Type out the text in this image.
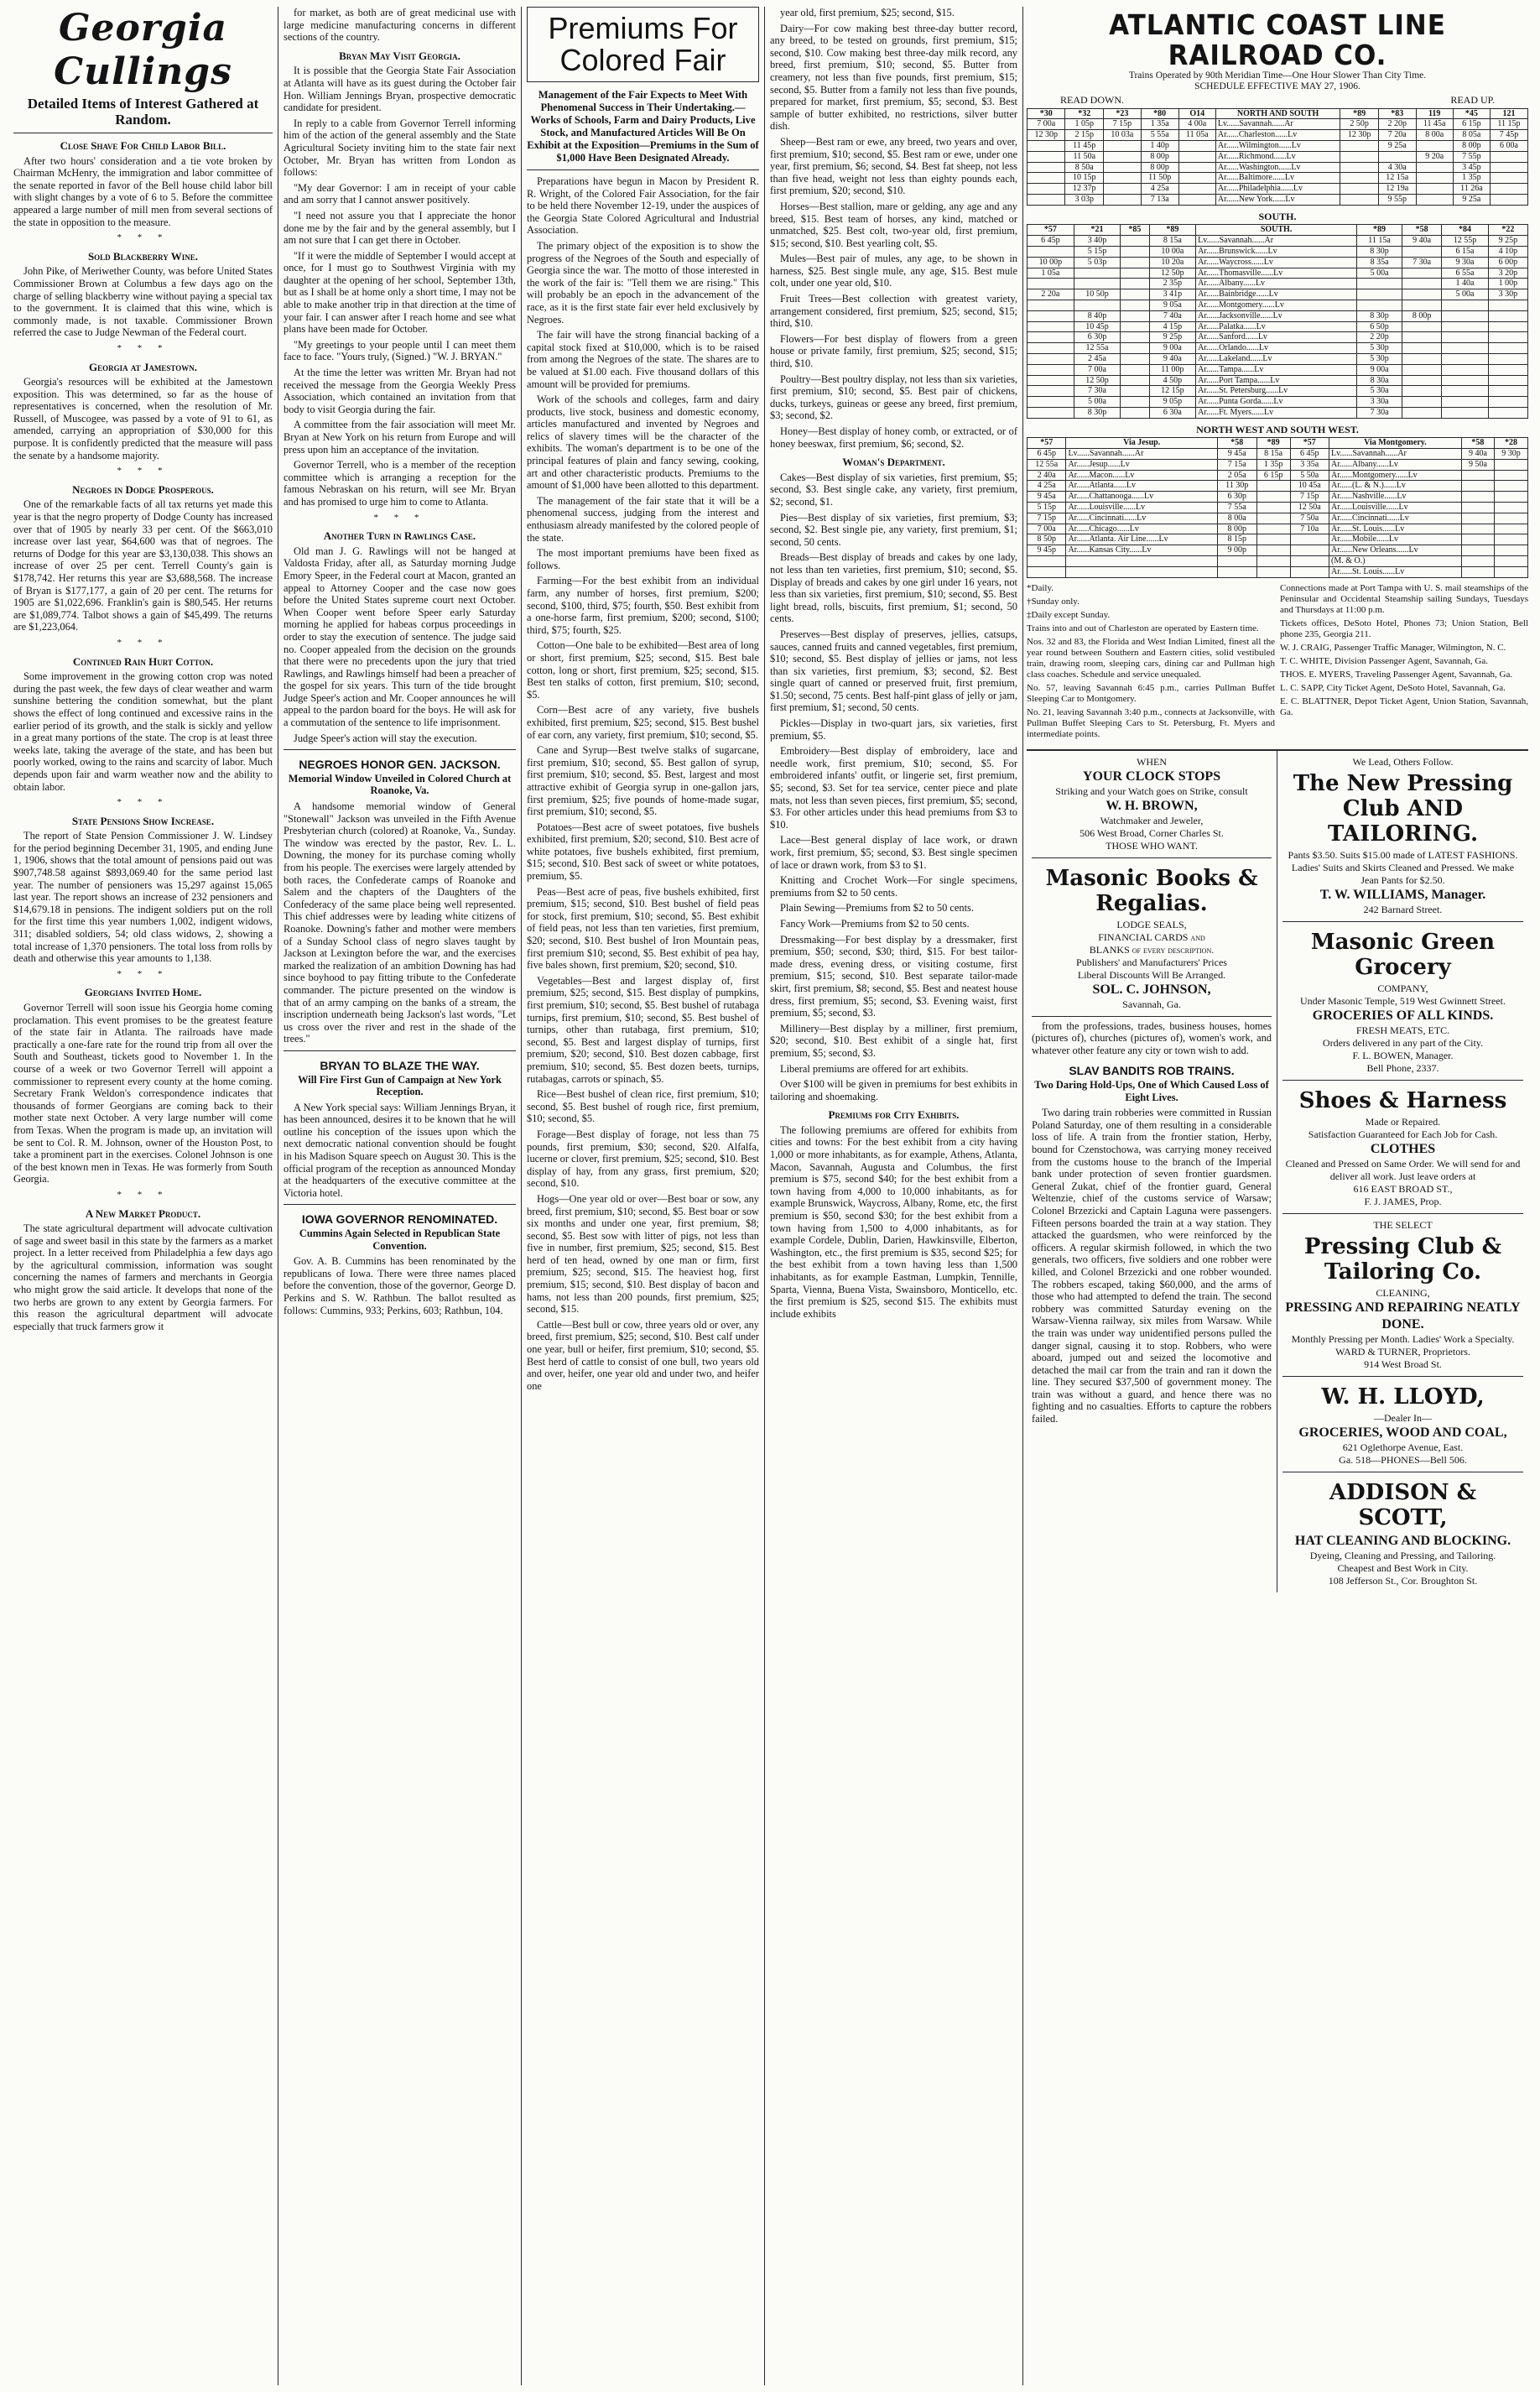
Georgia Cullings
Detailed Items of Interest Gathered at Random.
Close Shave For Child Labor Bill.

After two hours' consideration and a tie vote broken by Chairman McHenry, the immigration and labor committee of the senate reported in favor of the Bell house child labor bill with slight changes by a vote of 6 to 5. Before the committee appeared a large number of mill men from several sections of the state in opposition to the measure.

* * *
Sold Blackberry Wine.

John Pike, of Meriwether County, was before United States Commissioner Brown at Columbus a few days ago on the charge of selling blackberry wine without paying a special tax to the government. It is claimed that this wine, which is commonly made, is not taxable. Commissioner Brown referred the case to Judge Newman of the Federal court.

* * *
Georgia at Jamestown.

Georgia's resources will be exhibited at the Jamestown exposition. This was determined, so far as the house of representatives is concerned, when the resolution of Mr. Russell, of Muscogee, was passed by a vote of 91 to 61, as amended, carrying an appropriation of $30,000 for this purpose. It is confidently predicted that the measure will pass the senate by a handsome majority.

* * *
Negroes in Dodge Prosperous.

One of the remarkable facts of all tax returns yet made this year is that the negro property of Dodge County has increased over that of 1905 by nearly 33 per cent. Of the $663,010 increase over last year, $64,600 was that of negroes. The returns of Dodge for this year are $3,130,038. This shows an increase of over 25 per cent. Terrell County's gain is $178,742. Her returns this year are $3,688,568. The increase of Bryan is $177,177, a gain of 20 per cent. The returns for 1905 are $1,022,696. Franklin's gain is $80,545. Her returns are $1,089,774. Talbot shows a gain of $45,499. The returns are $1,223,064.

* * *
Continued Rain Hurt Cotton.

Some improvement in the growing cotton crop was noted during the past week, the few days of clear weather and warm sunshine bettering the condition somewhat, but the plant shows the effect of long continued and excessive rains in the earlier period of its growth, and the stalk is sickly and yellow in a great many portions of the state. The crop is at least three weeks late, taking the average of the state, and has been but poorly worked, owing to the rains and scarcity of labor. Much depends upon fair and warm weather now and the ability to obtain labor.

* * *
State Pensions Show Increase.

The report of State Pension Commissioner J. W. Lindsey for the period beginning December 31, 1905, and ending June 1, 1906, shows that the total amount of pensions paid out was $907,748.58 against $893,069.40 for the same period last year. The number of pensioners was 15,297 against 15,065 last year. The report shows an increase of 232 pensioners and $14,679.18 in pensions. The indigent soldiers put on the roll for the first time this year numbers 1,002, indigent widows, 311; disabled soldiers, 54; old class widows, 2, showing a total increase of 1,370 pensioners. The total loss from rolls by death and otherwise this year amounts to 1,138.

* * *
Georgians Invited Home.

Governor Terrell will soon issue his Georgia home coming proclamation. This event promises to be the greatest feature of the state fair in Atlanta. The railroads have made practically a one-fare rate for the round trip from all over the South and Southeast, tickets good to November 1. In the course of a week or two Governor Terrell will appoint a commissioner to represent every county at the home coming. Secretary Frank Weldon's correspondence indicates that thousands of former Georgians are coming back to their mother state next October. A very large number will come from Texas. When the program is made up, an invitation will be sent to Col. R. M. Johnson, owner of the Houston Post, to take a prominent part in the exercises. Colonel Johnson is one of the best known men in Texas. He was formerly from South Georgia.

* * *
A New Market Product.

The state agricultural department will advocate cultivation of sage and sweet basil in this state by the farmers as a market project. In a letter received from Philadelphia a few days ago by the agricultural commission, information was sought concerning the names of farmers and merchants in Georgia who might grow the said article. It develops that none of the two herbs are grown to any extent by Georgia farmers. For this reason the agricultural department will advocate especially that truck farmers grow it

for market, as both are of great medicinal use with large medicine manufacturing concerns in different sections of the country.

Bryan May Visit Georgia.

It is possible that the Georgia State Fair Association at Atlanta will have as its guest during the October fair Hon. William Jennings Bryan, prospective democratic candidate for president.

In reply to a cable from Governor Terrell informing him of the action of the general assembly and the State Agricultural Society inviting him to the state fair next October, Mr. Bryan has written from London as follows:

"My dear Governor: I am in receipt of your cable and am sorry that I cannot answer positively.

"I need not assure you that I appreciate the honor done me by the fair and by the general assembly, but I am not sure that I can get there in October.

"If it were the middle of September I would accept at once, for I must go to Southwest Virginia with my daughter at the opening of her school, September 13th, but as I shall be at home only a short time, I may not be able to make another trip in that direction at the time of your fair. I can answer after I reach home and see what plans have been made for October.

"My greetings to your people until I can meet them face to face. "Yours truly, (Signed.) "W. J. BRYAN."

At the time the letter was written Mr. Bryan had not received the message from the Georgia Weekly Press Association, which contained an invitation from that body to visit Georgia during the fair.

A committee from the fair association will meet Mr. Bryan at New York on his return from Europe and will press upon him an acceptance of the invitation.

Governor Terrell, who is a member of the reception committee which is arranging a reception for the famous Nebraskan on his return, will see Mr. Bryan and has promised to urge him to come to Atlanta.

* * *
Another Turn in Rawlings Case.

Old man J. G. Rawlings will not be hanged at Valdosta Friday, after all, as Saturday morning Judge Emory Speer, in the Federal court at Macon, granted an appeal to Attorney Cooper and the case now goes before the United States supreme court next October. When Cooper went before Speer early Saturday morning he applied for habeas corpus proceedings in order to stay the execution of sentence. The judge said no. Cooper appealed from the decision on the grounds that there were no precedents upon the jury that tried Rawlings, and Rawlings himself had been a preacher of the gospel for six years. This turn of the tide brought Judge Speer's action and Mr. Cooper announces he will appeal to the pardon board for the boys. He will ask for a commutation of the sentence to life imprisonment.

Judge Speer's action will stay the execution.

NEGROES HONOR GEN. JACKSON.
Memorial Window Unveiled in Colored Church at Roanoke, Va.

A handsome memorial window of General "Stonewall" Jackson was unveiled in the Fifth Avenue Presbyterian church (colored) at Roanoke, Va., Sunday. The window was erected by the pastor, Rev. L. L. Downing, the money for its purchase coming wholly from his people. The exercises were largely attended by both races, the Confederate camps of Roanoke and Salem and the chapters of the Daughters of the Confederacy of the same place being well represented. This chief addresses were by leading white citizens of Roanoke. Downing's father and mother were members of a Sunday School class of negro slaves taught by Jackson at Lexington before the war, and the exercises marked the realization of an ambition Downing has had since boyhood to pay fitting tribute to the Confederate commander. The picture presented on the window is that of an army camping on the banks of a stream, the inscription underneath being Jackson's last words, "Let us cross over the river and rest in the shade of the trees."

BRYAN TO BLAZE THE WAY.
Will Fire First Gun of Campaign at New York Reception.

A New York special says: William Jennings Bryan, it has been announced, desires it to be known that he will outline his conception of the issues upon which the next democratic national convention should be fought in his Madison Square speech on August 30. This is the official program of the reception as announced Monday at the headquarters of the executive committee at the Victoria hotel.

IOWA GOVERNOR RENOMINATED.
Cummins Again Selected in Republican State Convention.

Gov. A. B. Cummins has been renominated by the republicans of Iowa. There were three names placed before the convention, those of the governor, George D. Perkins and S. W. Rathbun. The ballot resulted as follows: Cummins, 933; Perkins, 603; Rathbun, 104.

Premiums For Colored Fair
Management of the Fair Expects to Meet With Phenomenal Success in Their Undertaking.—Works of Schools, Farm and Dairy Products, Live Stock, and Manufactured Articles Will Be On Exhibit at the Exposition—Premiums in the Sum of $1,000 Have Been Designated Already.

Preparations have begun in Macon by President R. R. Wright, of the Colored Fair Association, for the fair to be held there November 12-19, under the auspices of the Georgia State Colored Agricultural and Industrial Association.

The primary object of the exposition is to show the progress of the Negroes of the South and especially of Georgia since the war. The motto of those interested in the work of the fair is: "Tell them we are rising." This will probably be an epoch in the advancement of the race, as it is the first state fair ever held exclusively by Negroes.

The fair will have the strong financial backing of a capital stock fixed at $10,000, which is to be raised from among the Negroes of the state. The shares are to be valued at $1.00 each. Five thousand dollars of this amount will be provided for premiums.

Work of the schools and colleges, farm and dairy products, live stock, business and domestic economy, articles manufactured and invented by Negroes and relics of slavery times will be the character of the exhibits. The woman's department is to be one of the principal features of plain and fancy sewing, cooking, art and other characteristic products. Premiums to the amount of $1,000 have been allotted to this department.

The management of the fair state that it will be a phenomenal success, judging from the interest and enthusiasm already manifested by the colored people of the state.

The most important premiums have been fixed as follows.

Farming—For the best exhibit from an individual farm, any number of horses, first premium, $200; second, $100, third, $75; fourth, $50. Best exhibit from a one-horse farm, first premium, $200; second, $100; third, $75; fourth, $25.

Cotton—One bale to be exhibited—Best area of long or short, first premium, $25; second, $15. Best bale cotton, long or short, first premium, $25; second, $15. Best ten stalks of cotton, first premium, $10; second, $5.

Corn—Best acre of any variety, five bushels exhibited, first premium, $25; second, $15. Best bushel of ear corn, any variety, first premium, $10; second, $5.

Cane and Syrup—Best twelve stalks of sugarcane, first premium, $10; second, $5. Best gallon of syrup, first premium, $10; second, $5. Best, largest and most attractive exhibit of Georgia syrup in one-gallon jars, first premium, $25; five pounds of home-made sugar, first premium, $10; second, $5.

Potatoes—Best acre of sweet potatoes, five bushels exhibited, first premium, $20; second, $10. Best acre of white potatoes, five bushels exhibited, first premium, $15; second, $10. Best sack of sweet or white potatoes, premium, $5.

Peas—Best acre of peas, five bushels exhibited, first premium, $15; second, $10. Best bushel of field peas for stock, first premium, $10; second, $5. Best exhibit of field peas, not less than ten varieties, first premium, $20; second, $10. Best bushel of Iron Mountain peas, first premium $10; second, $5. Best exhibit of pea hay, five bales shown, first premium, $20; second, $10.

Vegetables—Best and largest display of, first premium, $25; second, $15. Best display of pumpkins, first premium, $10; second, $5. Best bushel of rutabaga turnips, first premium, $10; second, $5. Best bushel of turnips, other than rutabaga, first premium, $10; second, $5. Best and largest display of turnips, first premium, $20; second, $10. Best dozen cabbage, first premium, $10; second, $5. Best dozen beets, turnips, rutabagas, carrots or spinach, $5.

Rice—Best bushel of clean rice, first premium, $10; second, $5. Best bushel of rough rice, first premium, $10; second, $5.

Forage—Best display of forage, not less than 75 pounds, first premium, $30; second, $20. Alfalfa, lucerne or clover, first premium, $25; second, $10. Best display of hay, from any grass, first premium, $20; second, $10.

Hogs—One year old or over—Best boar or sow, any breed, first premium, $10; second, $5. Best boar or sow six months and under one year, first premium, $8; second, $5. Best sow with litter of pigs, not less than five in number, first premium, $25; second, $15. Best herd of ten head, owned by one man or firm, first premium, $25; second, $15. The heaviest hog, first premium, $15; second, $10. Best display of bacon and hams, not less than 200 pounds, first premium, $25; second, $15.

Cattle—Best bull or cow, three years old or over, any breed, first premium, $25; second, $10. Best calf under one year, bull or heifer, first premium, $10; second, $5. Best herd of cattle to consist of one bull, two years old and over, heifer, one year old and under two, and heifer one

year old, first premium, $25; second, $15.

Dairy—For cow making best three-day butter record, any breed, to be tested on grounds, first premium, $15; second, $10. Cow making best three-day milk record, any breed, first premium, $10; second, $5. Butter from creamery, not less than five pounds, first premium, $15; second, $5. Butter from a family not less than five pounds, prepared for market, first premium, $5; second, $3. Best sample of butter exhibited, no restrictions, silver butter dish.

Sheep—Best ram or ewe, any breed, two years and over, first premium, $10; second, $5. Best ram or ewe, under one year, first premium, $6; second, $4. Best fat sheep, not less than five head, weight not less than eighty pounds each, first premium, $20; second, $10.

Horses—Best stallion, mare or gelding, any age and any breed, $15. Best team of horses, any kind, matched or unmatched, $25. Best colt, two-year old, first premium, $15; second, $10. Best yearling colt, $5.

Mules—Best pair of mules, any age, to be shown in harness, $25. Best single mule, any age, $15. Best mule colt, under one year old, $10.

Fruit Trees—Best collection with greatest variety, arrangement considered, first premium, $25; second, $15; third, $10.

Flowers—For best display of flowers from a green house or private family, first premium, $25; second, $15; third, $10.

Poultry—Best poultry display, not less than six varieties, first premium, $10; second, $5. Best pair of chickens, ducks, turkeys, guineas or geese any breed, first premium, $3; second, $2.

Honey—Best display of honey comb, or extracted, or of honey beeswax, first premium, $6; second, $2.

Woman's Department.

Cakes—Best display of six varieties, first premium, $5; second, $3. Best single cake, any variety, first premium, $2; second, $1.

Pies—Best display of six varieties, first premium, $3; second, $2. Best single pie, any variety, first premium, $1; second, 50 cents.

Breads—Best display of breads and cakes by one lady, not less than ten varieties, first premium, $10; second, $5. Display of breads and cakes by one girl under 16 years, not less than six varieties, first premium, $10; second, $5. Best light bread, rolls, biscuits, first premium, $1; second, 50 cents.

Preserves—Best display of preserves, jellies, catsups, sauces, canned fruits and canned vegetables, first premium, $10; second, $5. Best display of jellies or jams, not less than six varieties, first premium, $3; second, $2. Best single quart of canned or preserved fruit, first premium, $1.50; second, 75 cents. Best half-pint glass of jelly or jam, first premium, $1; second, 50 cents.

Pickles—Display in two-quart jars, six varieties, first premium, $5.

Embroidery—Best display of embroidery, lace and needle work, first premium, $10; second, $5. For embroidered infants' outfit, or lingerie set, first premium, $5; second, $3. Set for tea service, center piece and plate mats, not less than seven pieces, first premium, $5; second, $3. For other articles under this head premiums from $3 to $10.

Lace—Best general display of lace work, or drawn work, first premium, $5; second, $3. Best single specimen of lace or drawn work, from $3 to $1.

Knitting and Crochet Work—For single specimens, premiums from $2 to 50 cents.

Plain Sewing—Premiums from $2 to 50 cents.

Fancy Work—Premiums from $2 to 50 cents.

Dressmaking—For best display by a dressmaker, first premium, $50; second, $30; third, $15. For best tailor-made dress, evening dress, or visiting costume, first premium, $15; second, $10. Best separate tailor-made skirt, first premium, $8; second, $5. Best and neatest house dress, first premium, $5; second, $3. Evening waist, first premium, $5; second, $3.

Millinery—Best display by a milliner, first premium, $20; second, $10. Best exhibit of a single hat, first premium, $5; second, $3.

Liberal premiums are offered for art exhibits.

Over $100 will be given in premiums for best exhibits in tailoring and shoemaking.

Premiums for City Exhibits.

The following premiums are offered for exhibits from cities and towns: For the best exhibit from a city having 1,000 or more inhabitants, as for example, Athens, Atlanta, Macon, Savannah, Augusta and Columbus, the first premium is $75, second $40; for the best exhibit from a town having from 4,000 to 10,000 inhabitants, as for example Brunswick, Waycross, Albany, Rome, etc, the first premium is $50, second $30; for the best exhibit from a town having from 1,500 to 4,000 inhabitants, as for example Cordele, Dublin, Darien, Hawkinsville, Elberton, Washington, etc., the first premium is $35, second $25; for the best exhibit from a town having less than 1,500 inhabitants, as for example Eastman, Lumpkin, Tennille, Sparta, Vienna, Buena Vista, Swainsboro, Monticello, etc. the first premium is $25, second $15. The exhibits must include exhibits

ATLANTIC COAST LINE RAILROAD CO.
Trains Operated by 90th Meridian Time—One Hour Slower Than City Time.
SCHEDULE EFFECTIVE MAY 27, 1906.
READ DOWN.	READ UP.
*30	*32	*23	*80	O14	NORTH AND SOUTH	*89	*83	119	*45	121
7 00a	1 05p	7 15p	1 35a	4 00a	Lv......Savannah......Ar	2 50p	2 20p	11 45a	6 15p	11 15p
12 30p	2 15p	10 03a	5 55a	11 05a	Ar......Charleston......Lv	12 30p	7 20a	8 00a	8 05a	7 45p
	11 45p		1 40p		Ar......Wilmington......Lv		9 25a		8 00p	6 00a
	11 50a		8 00p		Ar......Richmond......Lv			9 20a	7 55p	
	8 50a		8 00p		Ar......Washington......Lv		4 30a		3 45p	
	10 15p		11 50p		Ar......Baltimore......Lv		12 15a		1 35p	
	12 37p		4 25a		Ar......Philadelphia......Lv		12 19a		11 26a	
	3 03p		7 13a		Ar......New York......Lv		9 55p		9 25a	
SOUTH.
*57	*21	*85	*89	SOUTH.	*89	*58	*84	*22
6 45p	3 40p		8 15a	Lv......Savannah......Ar	11 15a	9 40a	12 55p	9 25p
	5 15p		10 00a	Ar......Brunswick......Lv	8 30p		6 15a	4 10p
10 00p	5 03p		10 20a	Ar......Waycross......Lv	8 35a	7 30a	9 30a	6 00p
1 05a			12 50p	Ar......Thomasville......Lv	5 00a		6 55a	3 20p
			2 35p	Ar......Albany......Lv			1 40a	1 00p
2 20a	10 50p		3 41p	Ar......Bainbridge......Lv			5 00a	3 30p
			9 05a	Ar......Montgomery......Lv				
	8 40p		7 40a	Ar......Jacksonville......Lv	8 30p	8 00p		
	10 45p		4 15p	Ar......Palatka......Lv	6 50p			
	6 30p		9 25p	Ar......Sanford......Lv	2 20p			
	12 55a		9 00a	Ar......Orlando......Lv	5 30p			
	2 45a		9 40a	Ar......Lakeland......Lv	5 30p			
	7 00a		11 00p	Ar......Tampa......Lv	9 00a			
	12 50p		4 50p	Ar......Port Tampa......Lv	8 30a			
	7 30a		12 15p	Ar......St. Petersburg......Lv	5 30a			
	5 00a		9 05p	Ar......Punta Gorda......Lv	3 30a			
	8 30p		6 30a	Ar......Ft. Myers......Lv	7 30a			
NORTH WEST AND SOUTH WEST.
*57	Via Jesup.	*58	*89	*57	Via Montgomery.	*58	*28
6 45p	Lv......Savannah......Ar	9 45a	8 15a	6 45p	Lv......Savannah......Ar	9 40a	9 30p
12 55a	Ar......Jesup......Lv	7 15a	1 35p	3 35a	Ar......Albany......Lv	9 50a	
2 40a	Ar......Macon......Lv	2 05a	6 15p	5 50a	Ar......Montgomery......Lv		
4 25a	Ar......Atlanta......Lv	11 30p		10 45a	Ar......(L. & N.)......Lv		
9 45a	Ar......Chattanooga......Lv	6 30p		7 15p	Ar......Nashville......Lv		
5 15p	Ar......Louisville......Lv	7 55a		12 50a	Ar......Louisville......Lv		
7 15p	Ar......Cincinnati......Lv	8 00a		7 50a	Ar......Cincinnati......Lv		
7 00a	Ar......Chicago......Lv	8 00p		7 10a	Ar......St. Louis......Lv		
8 50p	Ar......Atlanta. Air Line......Lv	8 15p			Ar......Mobile......Lv		
9 45p	Ar......Kansas City......Lv	9 00p			Ar......New Orleans......Lv		
					(M. & O.)		
					Ar......St. Louis......Lv		

*Daily.

†Sunday only.

‡Daily except Sunday.

Trains into and out of Charleston are operated by Eastern time.

Nos. 32 and 83, the Florida and West Indian Limited, finest all the year round between Southern and Eastern cities, solid vestibuled train, drawing room, sleeping cars, dining car and Pullman high class coaches. Schedule and service unequaled.

No. 57, leaving Savannah 6:45 p.m., carries Pullman Buffet Sleeping Car to Montgomery.

No. 21, leaving Savannah 3:40 p.m., connects at Jacksonville, with Pullman Buffet Sleeping Cars to St. Petersburg, Ft. Myers and intermediate points.

Connections made at Port Tampa with U. S. mail steamships of the Peninsular and Occidental Steamship sailing Sundays, Tuesdays and Thursdays at 11:00 p.m.

Tickets offices, DeSoto Hotel, Phones 73; Union Station, Bell phone 235, Georgia 211.

W. J. CRAIG, Passenger Traffic Manager, Wilmington, N. C.

T. C. WHITE, Division Passenger Agent, Savannah, Ga.

THOS. E. MYERS, Traveling Passenger Agent, Savannah, Ga.

L. C. SAPP, City Ticket Agent, DeSoto Hotel, Savannah, Ga.

E. C. BLATTNER, Depot Ticket Agent, Union Station, Savannah, Ga.

WHEN
YOUR CLOCK STOPS
Striking and your Watch goes on Strike, consult
W. H. BROWN,
Watchmaker and Jeweler,
506 West Broad, Corner Charles St.
THOSE WHO WANT.
Masonic Books & Regalias.
LODGE SEALS,
FINANCIAL CARDS and
BLANKS of every description.
Publishers' and Manufacturers' Prices
Liberal Discounts Will Be Arranged.
SOL. C. JOHNSON,
Savannah, Ga.

from the professions, trades, business houses, homes (pictures of), churches (pictures of), women's work, and whatever other feature any city or town wish to add.

SLAV BANDITS ROB TRAINS.
Two Daring Hold-Ups, One of Which Caused Loss of Eight Lives.

Two daring train robberies were committed in Russian Poland Saturday, one of them resulting in a considerable loss of life. A train from the frontier station, Herby, bound for Czenstochowa, was carrying money received from the customs house to the branch of the Imperial bank under protection of seven frontier guardsmen. General Zukat, chief of the frontier guard, General Weltenzie, chief of the customs service of Warsaw; Colonel Brzezicki and Captain Laguna were passengers. Fifteen persons boarded the train at a way station. They attacked the guardsmen, who were reinforced by the officers. A regular skirmish followed, in which the two generals, two officers, five soldiers and one robber were killed, and Colonel Brzezicki and one robber wounded. The robbers escaped, taking $60,000, and the arms of those who had attempted to defend the train. The second robbery was committed Saturday evening on the Warsaw-Vienna railway, six miles from Warsaw. While the train was under way unidentified persons pulled the danger signal, causing it to stop. Robbers, who were aboard, jumped out and seized the locomotive and detached the mail car from the train and ran it down the line. They secured $37,500 of government money. The train was without a guard, and hence there was no fighting and no casualties. Efforts to capture the robbers failed.

We Lead, Others Follow.
The New Pressing Club AND TAILORING.
Pants $3.50. Suits $15.00 made of LATEST FASHIONS.
Ladies' Suits and Skirts Cleaned and Pressed. We make Jean Pants for $2.50.
T. W. WILLIAMS, Manager.
242 Barnard Street.
Masonic Green Grocery
COMPANY,
Under Masonic Temple, 519 West Gwinnett Street.
GROCERIES OF ALL KINDS.
FRESH MEATS, ETC.
Orders delivered in any part of the City.
F. L. BOWEN, Manager.
Bell Phone, 2337.
Shoes & Harness
Made or Repaired.
Satisfaction Guaranteed for Each Job for Cash.
CLOTHES
Cleaned and Pressed on Same Order. We will send for and deliver all work. Just leave orders at
616 EAST BROAD ST.,
F. J. JAMES, Prop.
THE SELECT
Pressing Club & Tailoring Co.
CLEANING,
PRESSING AND REPAIRING NEATLY DONE.
Monthly Pressing per Month. Ladies' Work a Specialty.
WARD & TURNER, Proprietors.
914 West Broad St.
W. H. LLOYD,
—Dealer In—
GROCERIES, WOOD AND COAL,
621 Oglethorpe Avenue, East.
Ga. 518—PHONES—Bell 506.
ADDISON & SCOTT,
HAT CLEANING AND BLOCKING.
Dyeing, Cleaning and Pressing, and Tailoring.
Cheapest and Best Work in City.
108 Jefferson St., Cor. Broughton St.
